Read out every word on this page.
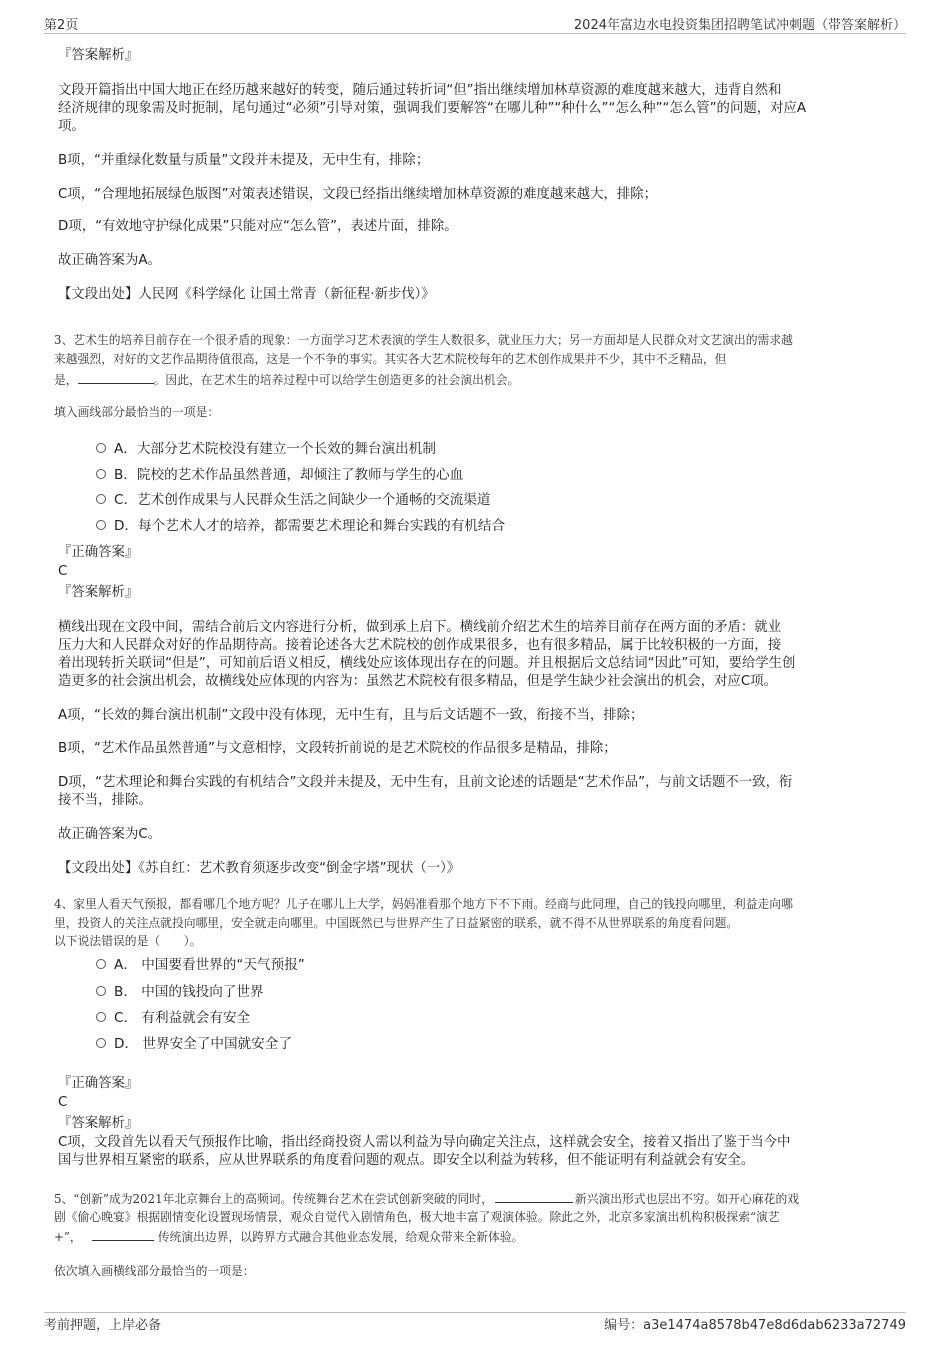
第2页	2024年富边水电投资集团招聘笔试冲刺题（带答案解析）
『答案解析』
文段开篇指出中国大地正在经历越来越好的转变，随后通过转折词“但”指出继续增加林草资源的难度越来越大，违背自然和
经济规律的现象需及时扼制，尾句通过“必须”引导对策，强调我们要解答“在哪儿种”“种什么”“怎么种”“怎么管”的问题，对应A
项。
B项，“并重绿化数量与质量”文段并未提及，无中生有，排除；
C项，“合理地拓展绿色版图”对策表述错误，文段已经指出继续增加林草资源的难度越来越大，排除；
D项，“有效地守护绿化成果”只能对应“怎么管”，表述片面，排除。
故正确答案为A。
【文段出处】人民网《科学绿化 让国土常青（新征程·新步伐）》
3、艺术生的培养目前存在一个很矛盾的现象：一方面学习艺术表演的学生人数很多，就业压力大；另一方面却是人民群众对文艺演出的需求越
来越强烈，对好的文艺作品期待值很高，这是一个不争的事实。其实各大艺术院校每年的艺术创作成果并不少，其中不乏精品，但
是，	。因此，在艺术生的培养过程中可以给学生创造更多的社会演出机会。
填入画线部分最恰当的一项是：
A．大部分艺术院校没有建立一个长效的舞台演出机制
B．院校的艺术作品虽然普通，却倾注了教师与学生的心血
C．艺术创作成果与人民群众生活之间缺少一个通畅的交流渠道
D．每个艺术人才的培养，都需要艺术理论和舞台实践的有机结合
『正确答案』
C
『答案解析』
横线出现在文段中间，需结合前后文内容进行分析，做到承上启下。横线前介绍艺术生的培养目前存在两方面的矛盾：就业
压力大和人民群众对好的作品期待高。接着论述各大艺术院校的创作成果很多，也有很多精品，属于比较积极的一方面，接
着出现转折关联词“但是”，可知前后语义相反，横线处应该体现出存在的问题。并且根据后文总结词“因此”可知，要给学生创
造更多的社会演出机会，故横线处应体现的内容为：虽然艺术院校有很多精品，但是学生缺少社会演出的机会，对应C项。
A项，“长效的舞台演出机制”文段中没有体现，无中生有，且与后文话题不一致，衔接不当，排除；
B项，“艺术作品虽然普通”与文意相悖，文段转折前说的是艺术院校的作品很多是精品，排除；
D项，“艺术理论和舞台实践的有机结合”文段并未提及，无中生有，且前文论述的话题是“艺术作品”，与前文话题不一致，衔
接不当，排除。
故正确答案为C。
【文段出处】《苏自红：艺术教育须逐步改变“倒金字塔”现状（一）》
4、家里人看天气预报，都看哪几个地方呢？儿子在哪儿上大学，妈妈准看那个地方下不下雨。经商与此同理，自己的钱投向哪里，利益走向哪
里，投资人的关注点就投向哪里，安全就走向哪里。中国既然已与世界产生了日益紧密的联系，就不得不从世界联系的角度看问题。
以下说法错误的是（　　）。
A． 中国要看世界的“天气预报”
B． 中国的钱投向了世界
C． 有利益就会有安全
D． 世界安全了中国就安全了
『正确答案』
C
『答案解析』
C项，文段首先以看天气预报作比喻，指出经商投资人需以利益为导向确定关注点，这样就会安全，接着又指出了鉴于当今中
国与世界相互紧密的联系，应从世界联系的角度看问题的观点。即安全以利益为转移，但不能证明有利益就会有安全。
5、“创新”成为2021年北京舞台上的高频词。传统舞台艺术在尝试创新突破的同时，	新兴演出形式也层出不穷。如开心麻花的戏
剧《偷心晚宴》根据剧情变化设置现场情景，观众自觉代入剧情角色，极大地丰富了观演体验。除此之外，北京多家演出机构积极探索“演艺
+”，	传统演出边界，以跨界方式融合其他业态发展，给观众带来全新体验。
依次填入画横线部分最恰当的一项是：
考前押题，上岸必备	编号：a3e1474a8578b47e8d6dab6233a72749
